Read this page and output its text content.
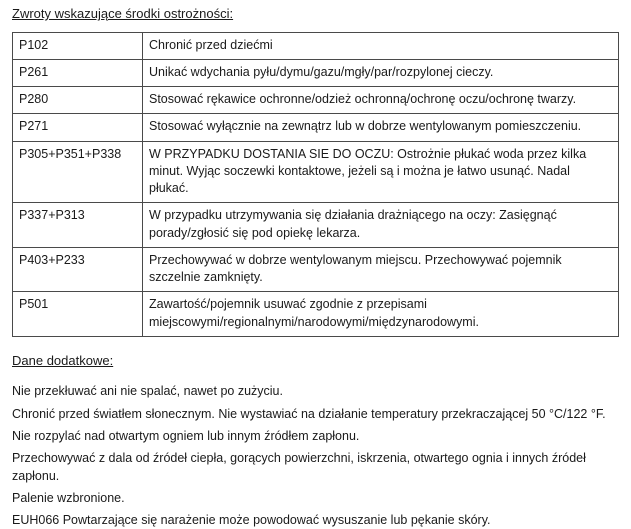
Zwroty wskazujące środki ostrożności:
P102	Chronić przed dziećmi
P261	Unikać wdychania pyłu/dymu/gazu/mgły/par/rozpylonej cieczy.
P280	Stosować rękawice ochronne/odzież ochronną/ochronę oczu/ochronę twarzy.
P271	Stosować wyłącznie na zewnątrz lub w dobrze wentylowanym pomieszczeniu.
P305+P351+P338	W PRZYPADKU DOSTANIA SIE DO OCZU: Ostrożnie płukać woda przez kilka minut. Wyjąc soczewki kontaktowe, jeżeli są i można je łatwo usunąć. Nadal płukać.
P337+P313	W przypadku utrzymywania się działania drażniącego na oczy: Zasięgnąć porady/zgłosić się pod opiekę lekarza.
P403+P233	Przechowywać w dobrze wentylowanym miejscu. Przechowywać pojemnik szczelnie zamknięty.
P501	Zawartość/pojemnik usuwać zgodnie z przepisami miejscowymi/regionalnymi/narodowymi/międzynarodowymi.
Dane dodatkowe:
Nie przekłuwać ani nie spalać, nawet po zużyciu.
Chronić przed światłem słonecznym. Nie wystawiać na działanie temperatury przekraczającej 50 °C/122 °F.
Nie rozpylać nad otwartym ogniem lub innym źródłem zapłonu.
Przechowywać z dala od źródeł ciepła, gorących powierzchni, iskrzenia, otwartego ognia i innych źródeł zapłonu.
Palenie wzbronione.
EUH066 Powtarzające się narażenie może powodować wysuszanie lub pękanie skóry.
